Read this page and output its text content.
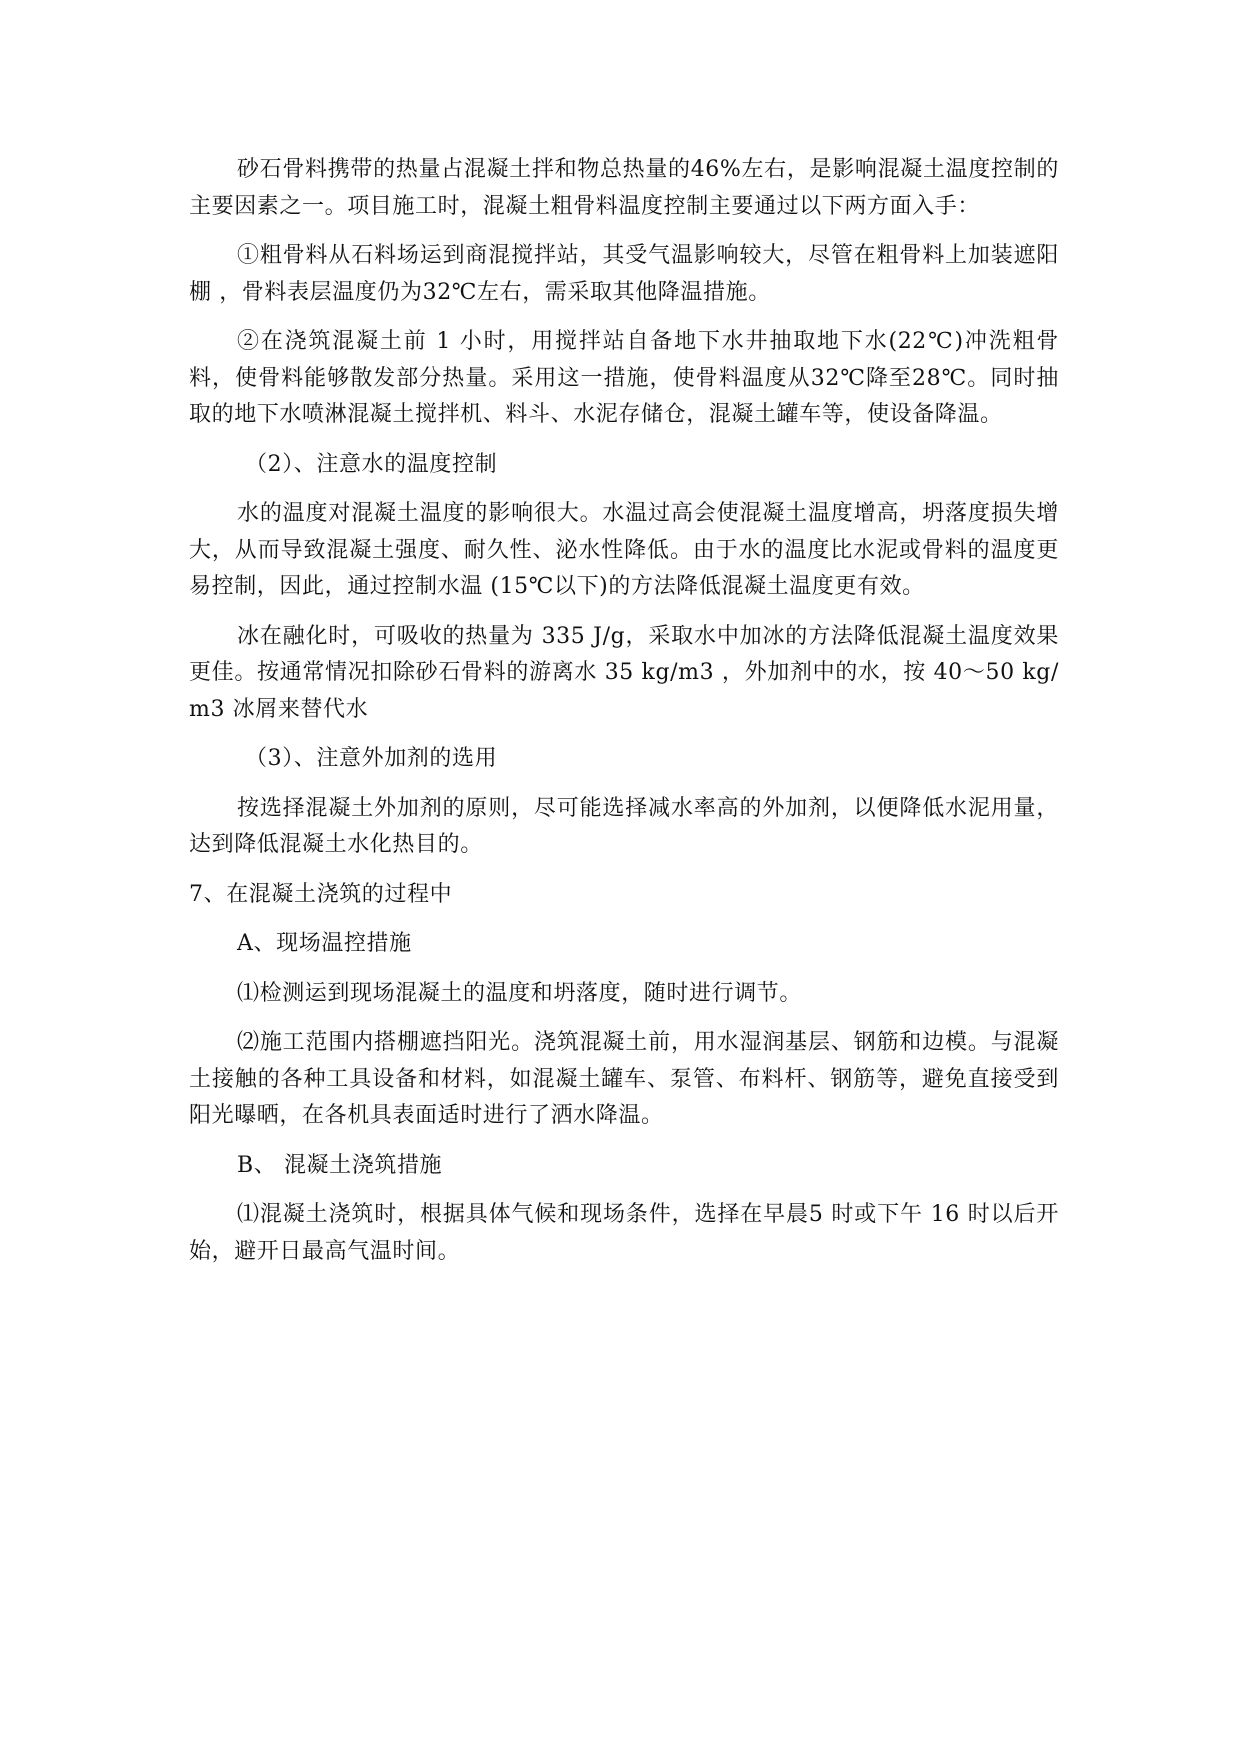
砂石骨料携带的热量占混凝土拌和物总热量的46%左右，是影响混凝土温度控制的主要因素之一。项目施工时，混凝土粗骨料温度控制主要通过以下两方面入手：

①粗骨料从石料场运到商混搅拌站，其受气温影响较大，尽管在粗骨料上加装遮阳棚 ，骨料表层温度仍为32℃左右，需采取其他降温措施。

②在浇筑混凝土前 1 小时，用搅拌站自备地下水井抽取地下水(22℃)冲洗粗骨料，使骨料能够散发部分热量。采用这一措施，使骨料温度从32℃降至28℃。同时抽取的地下水喷淋混凝土搅拌机、料斗、水泥存储仓，混凝土罐车等，使设备降温。

（2）、注意水的温度控制

水的温度对混凝土温度的影响很大。水温过高会使混凝土温度增高，坍落度损失增大，从而导致混凝土强度、耐久性、泌水性降低。由于水的温度比水泥或骨料的温度更易控制，因此，通过控制水温 (15℃以下)的方法降低混凝土温度更有效。

冰在融化时，可吸收的热量为 335 J/g，采取水中加冰的方法降低混凝土温度效果更佳。按通常情况扣除砂石骨料的游离水 35 kg/m3 ，外加剂中的水，按 40～50 kg/m3 冰屑来替代水

（3）、注意外加剂的选用

按选择混凝土外加剂的原则，尽可能选择减水率高的外加剂，以便降低水泥用量，达到降低混凝土水化热目的。

7、在混凝土浇筑的过程中

A、现场温控措施

⑴检测运到现场混凝土的温度和坍落度，随时进行调节。

⑵施工范围内搭棚遮挡阳光。浇筑混凝土前，用水湿润基层、钢筋和边模。与混凝土接触的各种工具设备和材料，如混凝土罐车、泵管、布料杆、钢筋等，避免直接受到阳光曝晒，在各机具表面适时进行了洒水降温。

B、 混凝土浇筑措施

⑴混凝土浇筑时，根据具体气候和现场条件，选择在早晨5 时或下午 16 时以后开始，避开日最高气温时间。
